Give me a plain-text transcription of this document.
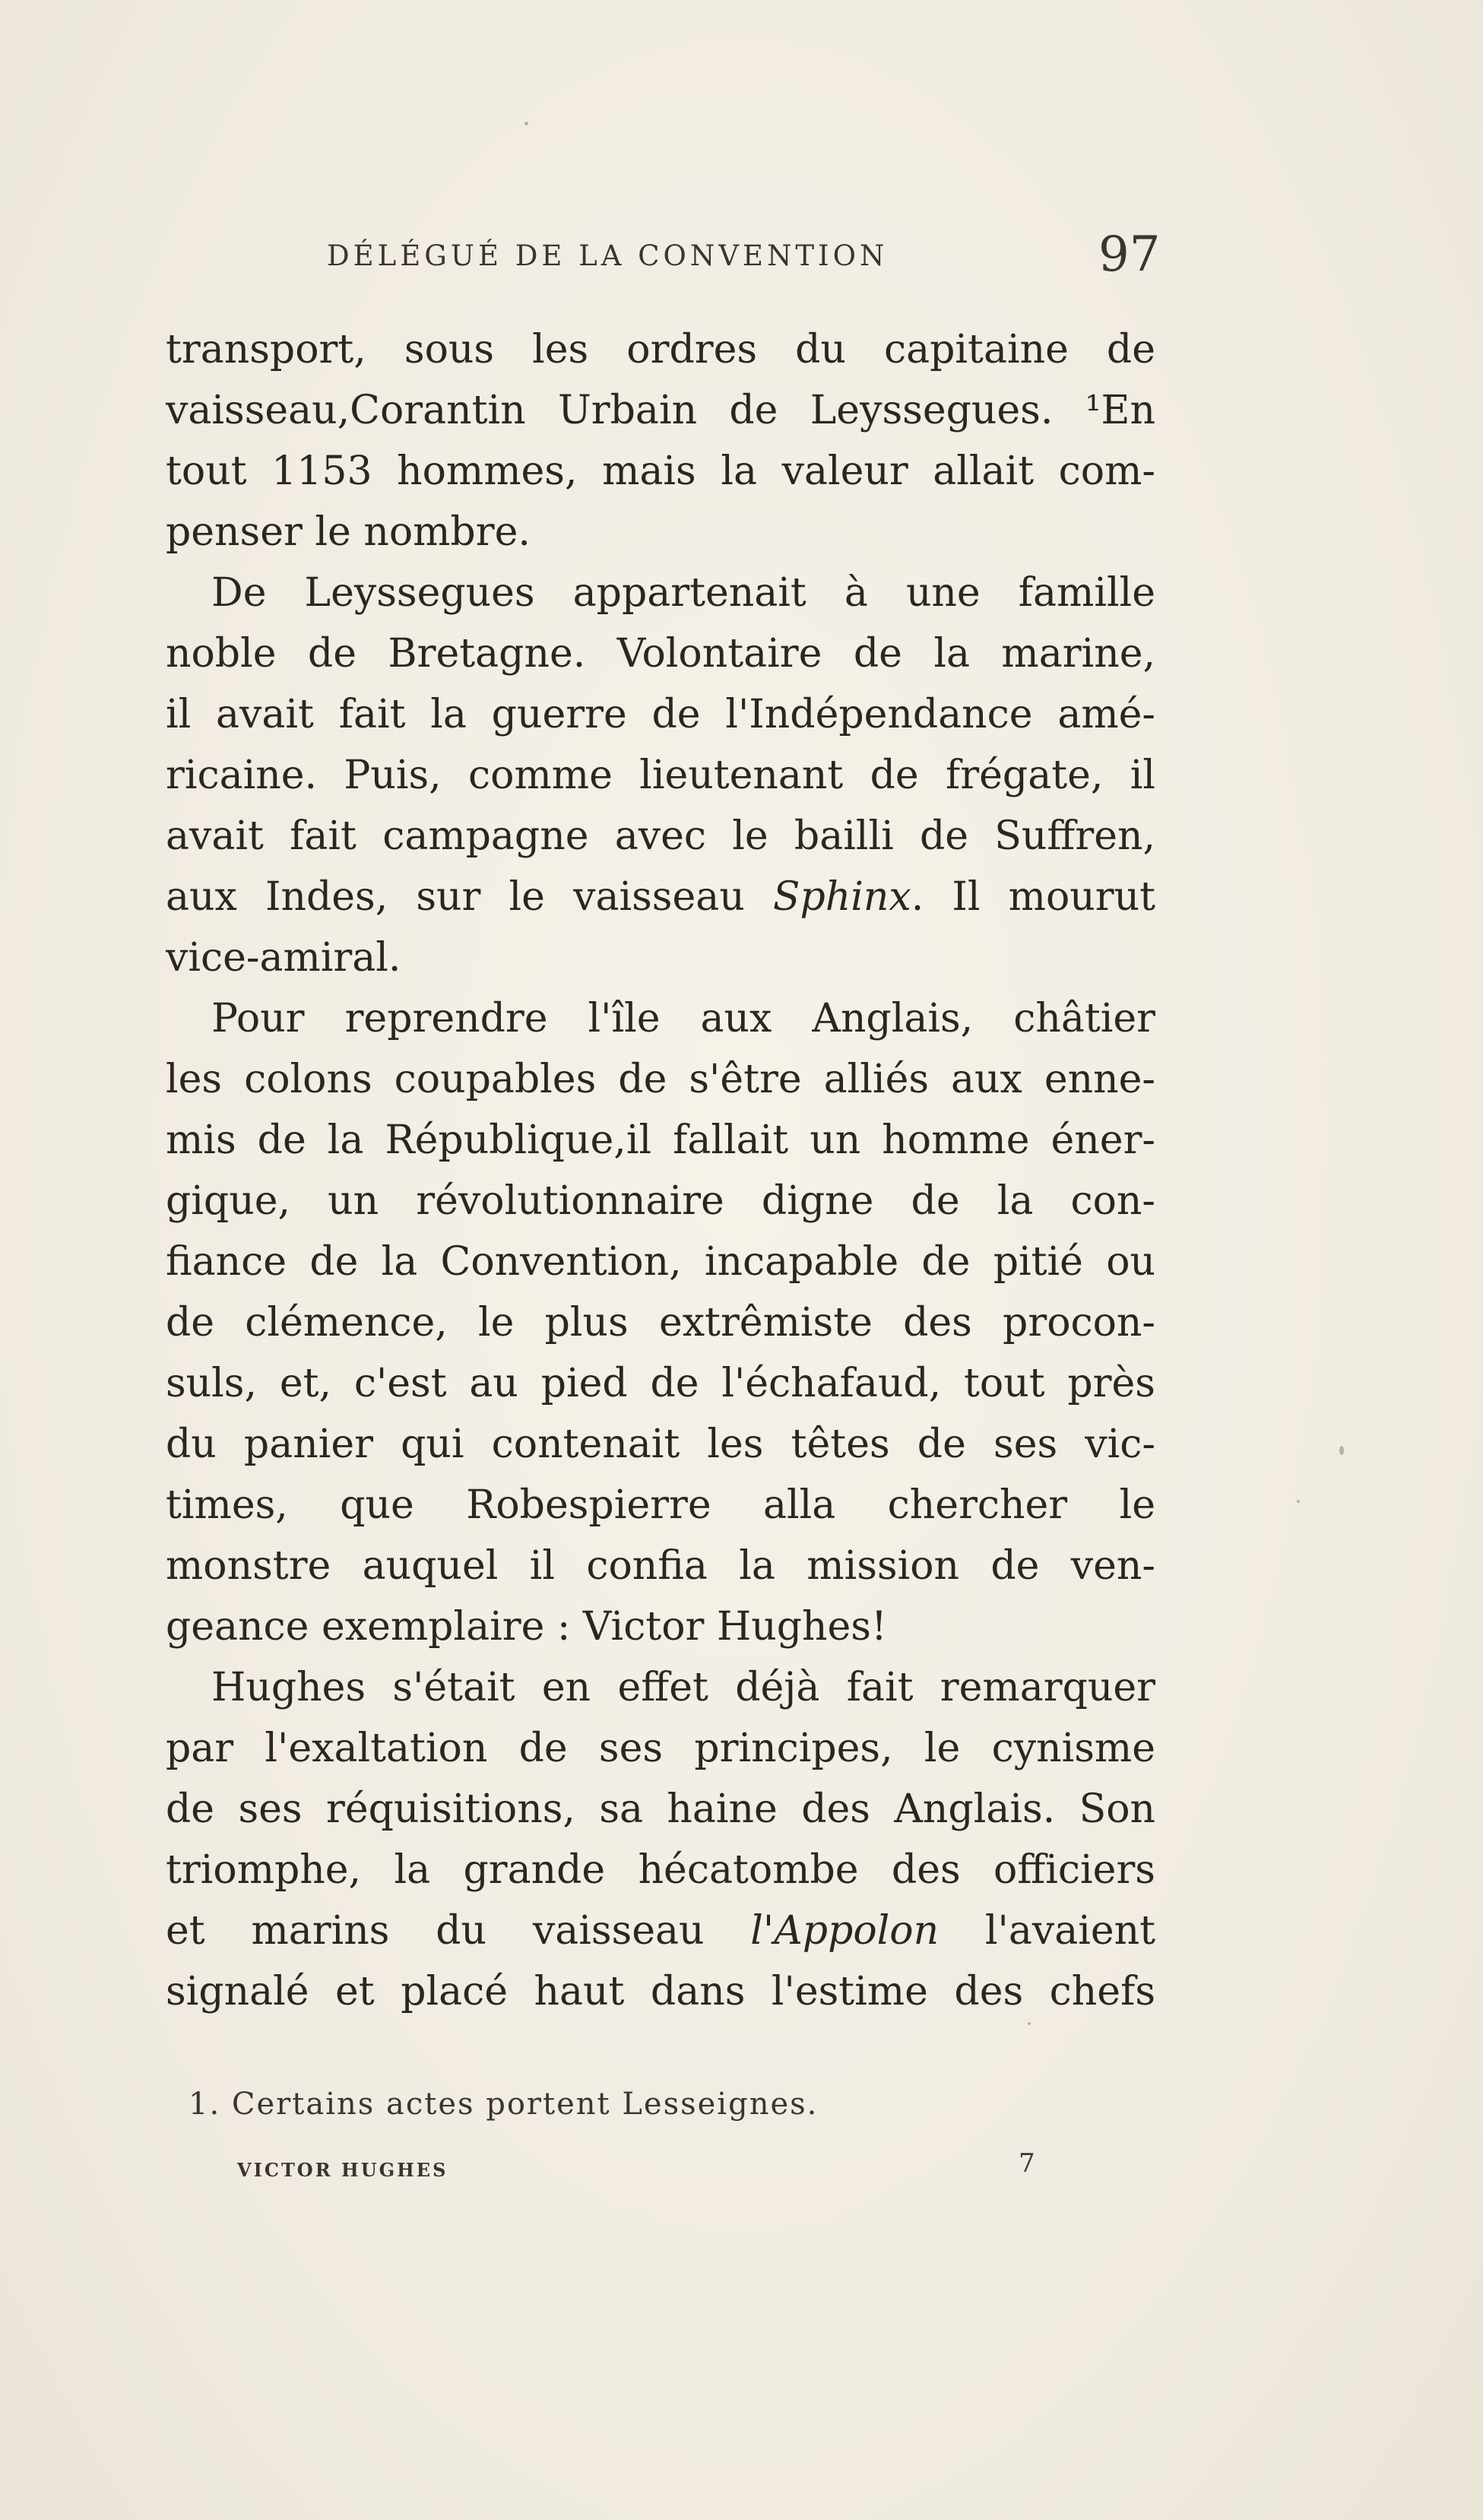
DÉLÉGUÉ DE LA CONVENTION	97
transport, sous les ordres du capitaine de
vaisseau,Corantin Urbain de Leyssegues. ¹En
tout 1153 hommes, mais la valeur allait com-
penser le nombre.
De Leyssegues appartenait à une famille
noble de Bretagne. Volontaire de la marine,
il avait fait la guerre de l'Indépendance amé-
ricaine. Puis, comme lieutenant de frégate, il
avait fait campagne avec le bailli de Suffren,
aux Indes, sur le vaisseau Sphinx. Il mourut
vice-amiral.
Pour reprendre l'île aux Anglais, châtier
les colons coupables de s'être alliés aux enne-
mis de la République,il fallait un homme éner-
gique, un révolutionnaire digne de la con-
fiance de la Convention, incapable de pitié ou
de clémence, le plus extrêmiste des procon-
suls, et, c'est au pied de l'échafaud, tout près
du panier qui contenait les têtes de ses vic-
times, que Robespierre alla chercher le
monstre auquel il confia la mission de ven-
geance exemplaire : Victor Hughes!
Hughes s'était en effet déjà fait remarquer
par l'exaltation de ses principes, le cynisme
de ses réquisitions, sa haine des Anglais. Son
triomphe, la grande hécatombe des officiers
et marins du vaisseau l'Appolon l'avaient
signalé et placé haut dans l'estime des chefs
1. Certains actes portent Lesseignes.
VICTOR HUGHES	7
